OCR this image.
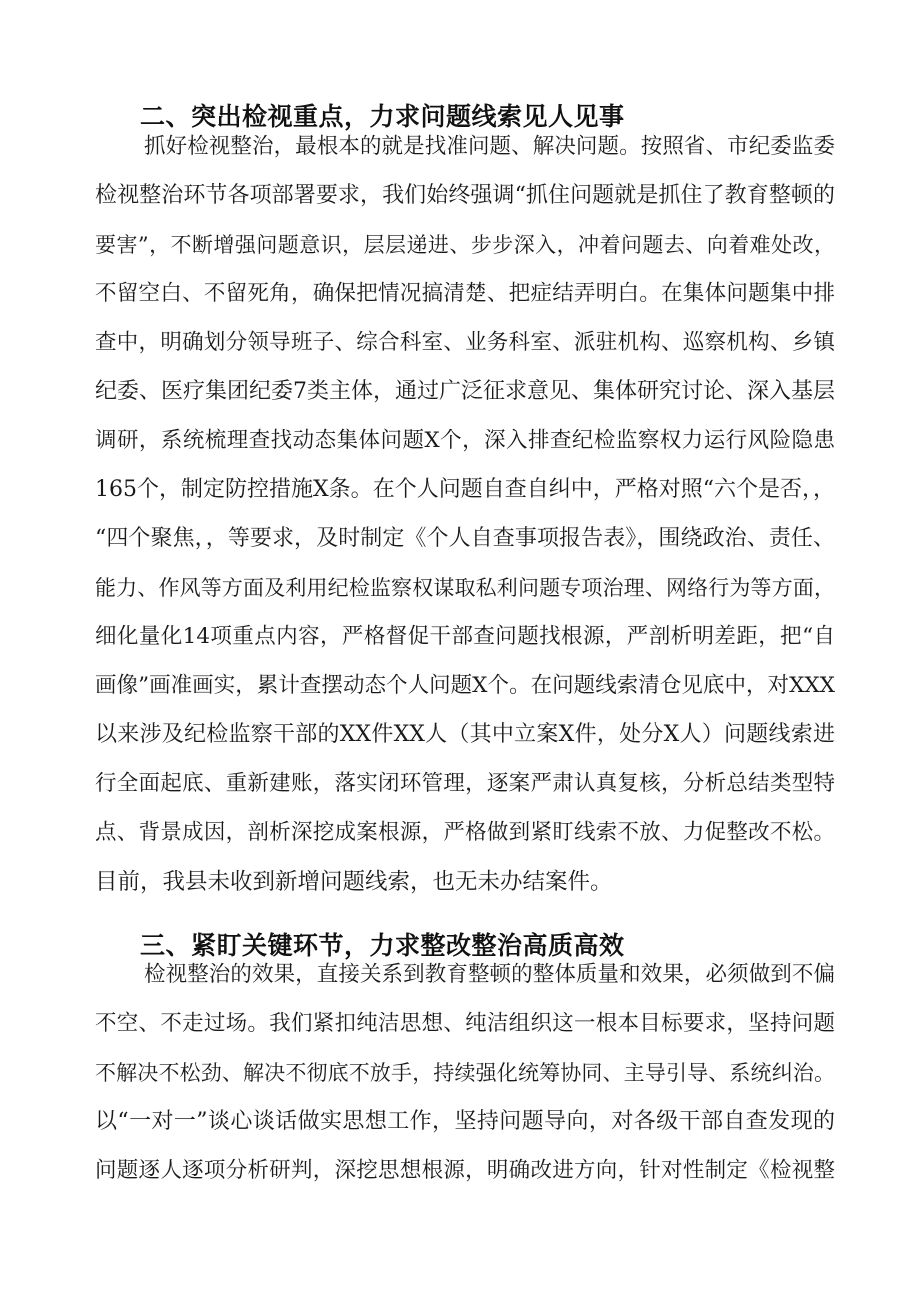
二、突出检视重点，力求问题线索见人见事
抓好检视整治，最根本的就是找准问题、解决问题。按照省、市纪委监委
检视整治环节各项部署要求，我们始终强调“抓住问题就是抓住了教育整顿的
要害”，不断增强问题意识，层层递进、步步深入，冲着问题去、向着难处改，
不留空白、不留死角，确保把情况搞清楚、把症结弄明白。在集体问题集中排
查中，明确划分领导班子、综合科室、业务科室、派驻机构、巡察机构、乡镇
纪委、医疗集团纪委7类主体，通过广泛征求意见、集体研究讨论、深入基层
调研，系统梳理查找动态集体问题X个，深入排查纪检监察权力运行风险隐患
165个，制定防控措施X条。在个人问题自查自纠中，严格对照“六个是否，，
“四个聚焦，，等要求，及时制定《个人自查事项报告表》，围绕政治、责任、
能力、作风等方面及利用纪检监察权谋取私利问题专项治理、网络行为等方面，
细化量化14项重点内容，严格督促干部查问题找根源，严剖析明差距，把“自
画像”画准画实，累计查摆动态个人问题X个。在问题线索清仓见底中，对XXX
以来涉及纪检监察干部的XX件XX人（其中立案X件，处分X人）问题线索进
行全面起底、重新建账，落实闭环管理，逐案严肃认真复核，分析总结类型特
点、背景成因，剖析深挖成案根源，严格做到紧盯线索不放、力促整改不松。
目前，我县未收到新增问题线索，也无未办结案件。
三、紧盯关键环节，力求整改整治高质高效
检视整治的效果，直接关系到教育整顿的整体质量和效果，必须做到不偏
不空、不走过场。我们紧扣纯洁思想、纯洁组织这一根本目标要求，坚持问题
不解决不松劲、解决不彻底不放手，持续强化统筹协同、主导引导、系统纠治。
以“一对一”谈心谈话做实思想工作，坚持问题导向，对各级干部自查发现的
问题逐人逐项分析研判，深挖思想根源，明确改进方向，针对性制定《检视整
